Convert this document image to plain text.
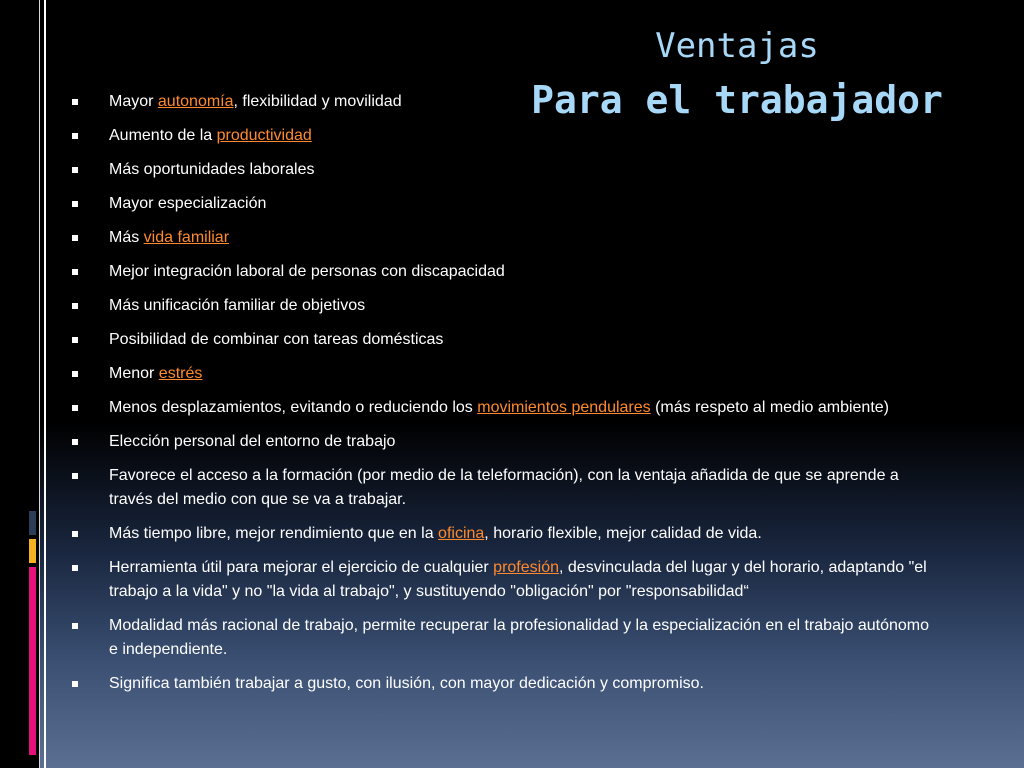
Ventajas
Para el trabajador
Mayor autonomía, flexibilidad y movilidad
Aumento de la productividad
Más oportunidades laborales
Mayor especialización
Más vida familiar
Mejor integración laboral de personas con discapacidad
Más unificación familiar de objetivos
Posibilidad de combinar con tareas domésticas
Menor estrés
Menos desplazamientos, evitando o reduciendo los movimientos pendulares (más respeto al medio ambiente)
Elección personal del entorno de trabajo
Favorece el acceso a la formación (por medio de la teleformación), con la ventaja añadida de que se aprende a través del medio con que se va a trabajar.
Más tiempo libre, mejor rendimiento que en la oficina, horario flexible, mejor calidad de vida.
Herramienta útil para mejorar el ejercicio de cualquier profesión, desvinculada del lugar y del horario, adaptando "el trabajo a la vida" y no "la vida al trabajo", y sustituyendo "obligación" por "responsabilidad“
Modalidad más racional de trabajo, permite recuperar la profesionalidad y la especialización en el trabajo autónomo e independiente.
Significa también trabajar a gusto, con ilusión, con mayor dedicación y compromiso.
